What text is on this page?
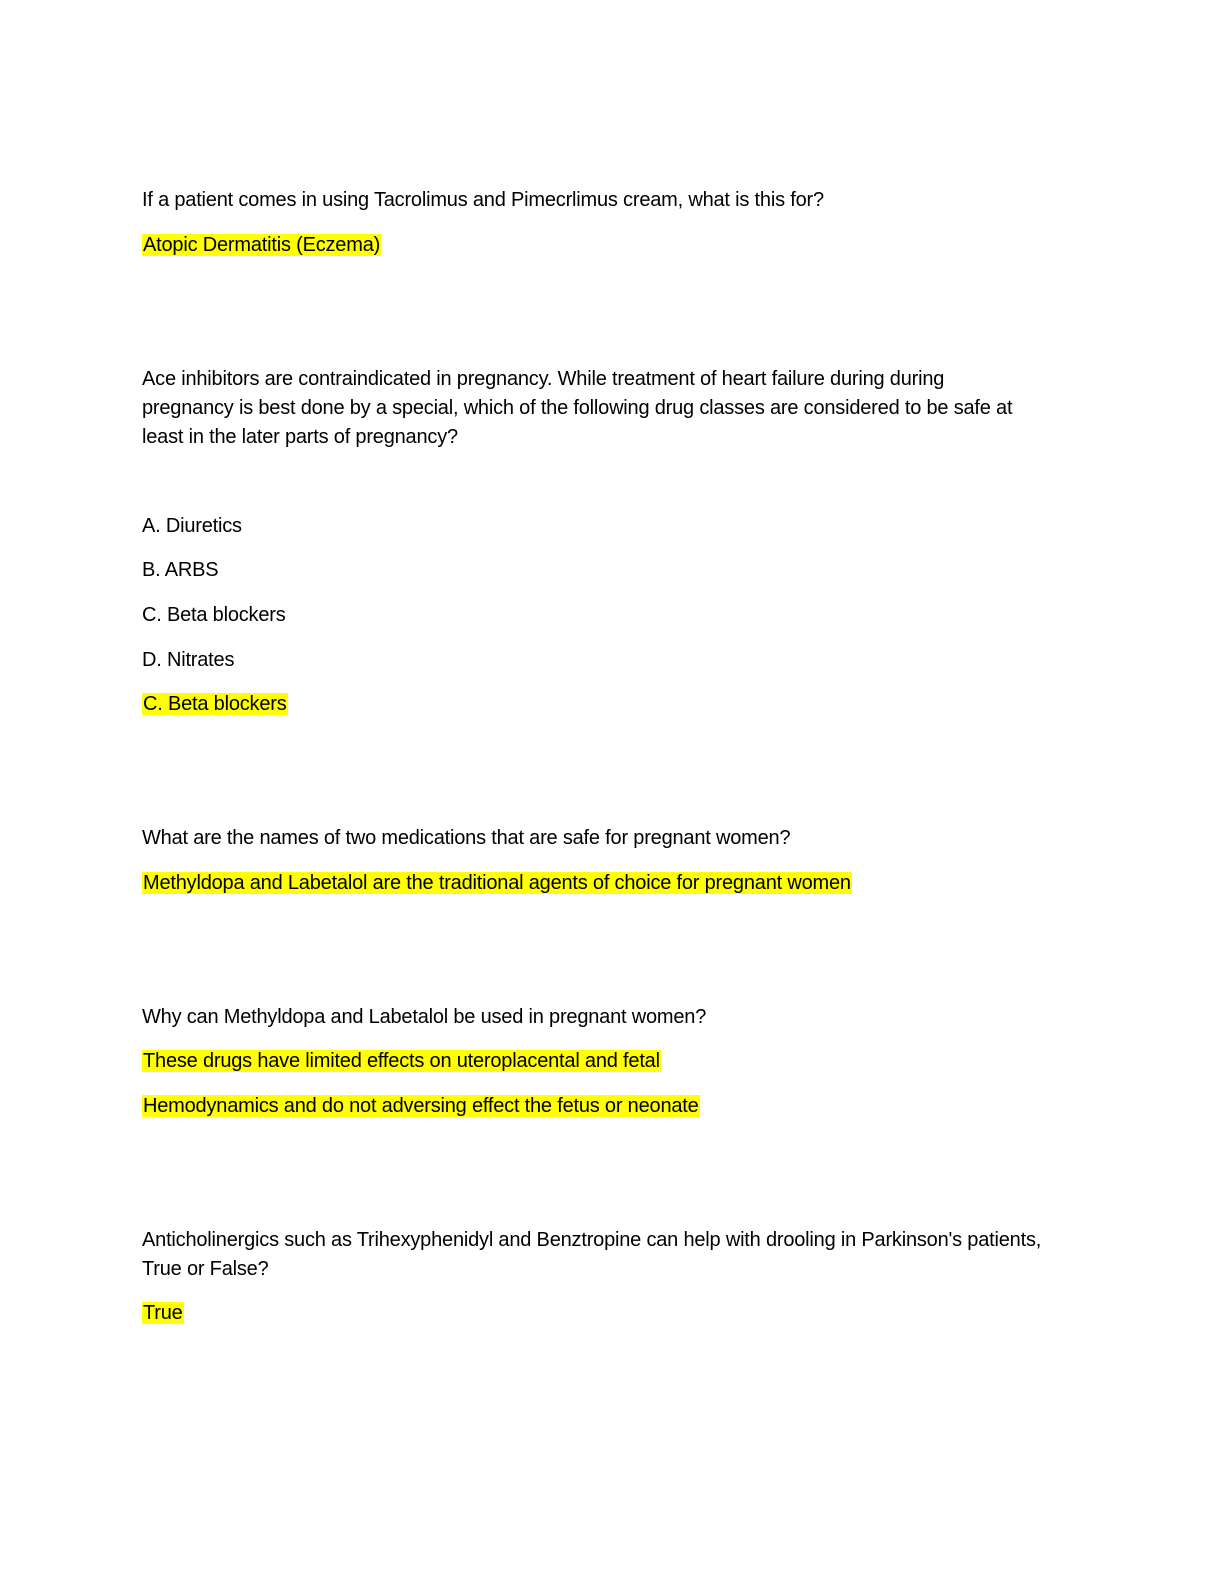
If a patient comes in using Tacrolimus and Pimecrlimus cream, what is this for?

Atopic Dermatitis (Eczema)

Ace inhibitors are contraindicated in pregnancy. While treatment of heart failure during during

pregnancy is best done by a special, which of the following drug classes are considered to be safe at

least in the later parts of pregnancy?

A. Diuretics

B. ARBS

C. Beta blockers

D. Nitrates

C. Beta blockers

What are the names of two medications that are safe for pregnant women?

Methyldopa and Labetalol are the traditional agents of choice for pregnant women

Why can Methyldopa and Labetalol be used in pregnant women?

These drugs have limited effects on uteroplacental and fetal

Hemodynamics and do not adversing effect the fetus or neonate

Anticholinergics such as Trihexyphenidyl and Benztropine can help with drooling in Parkinson's patients,

True or False?

True
